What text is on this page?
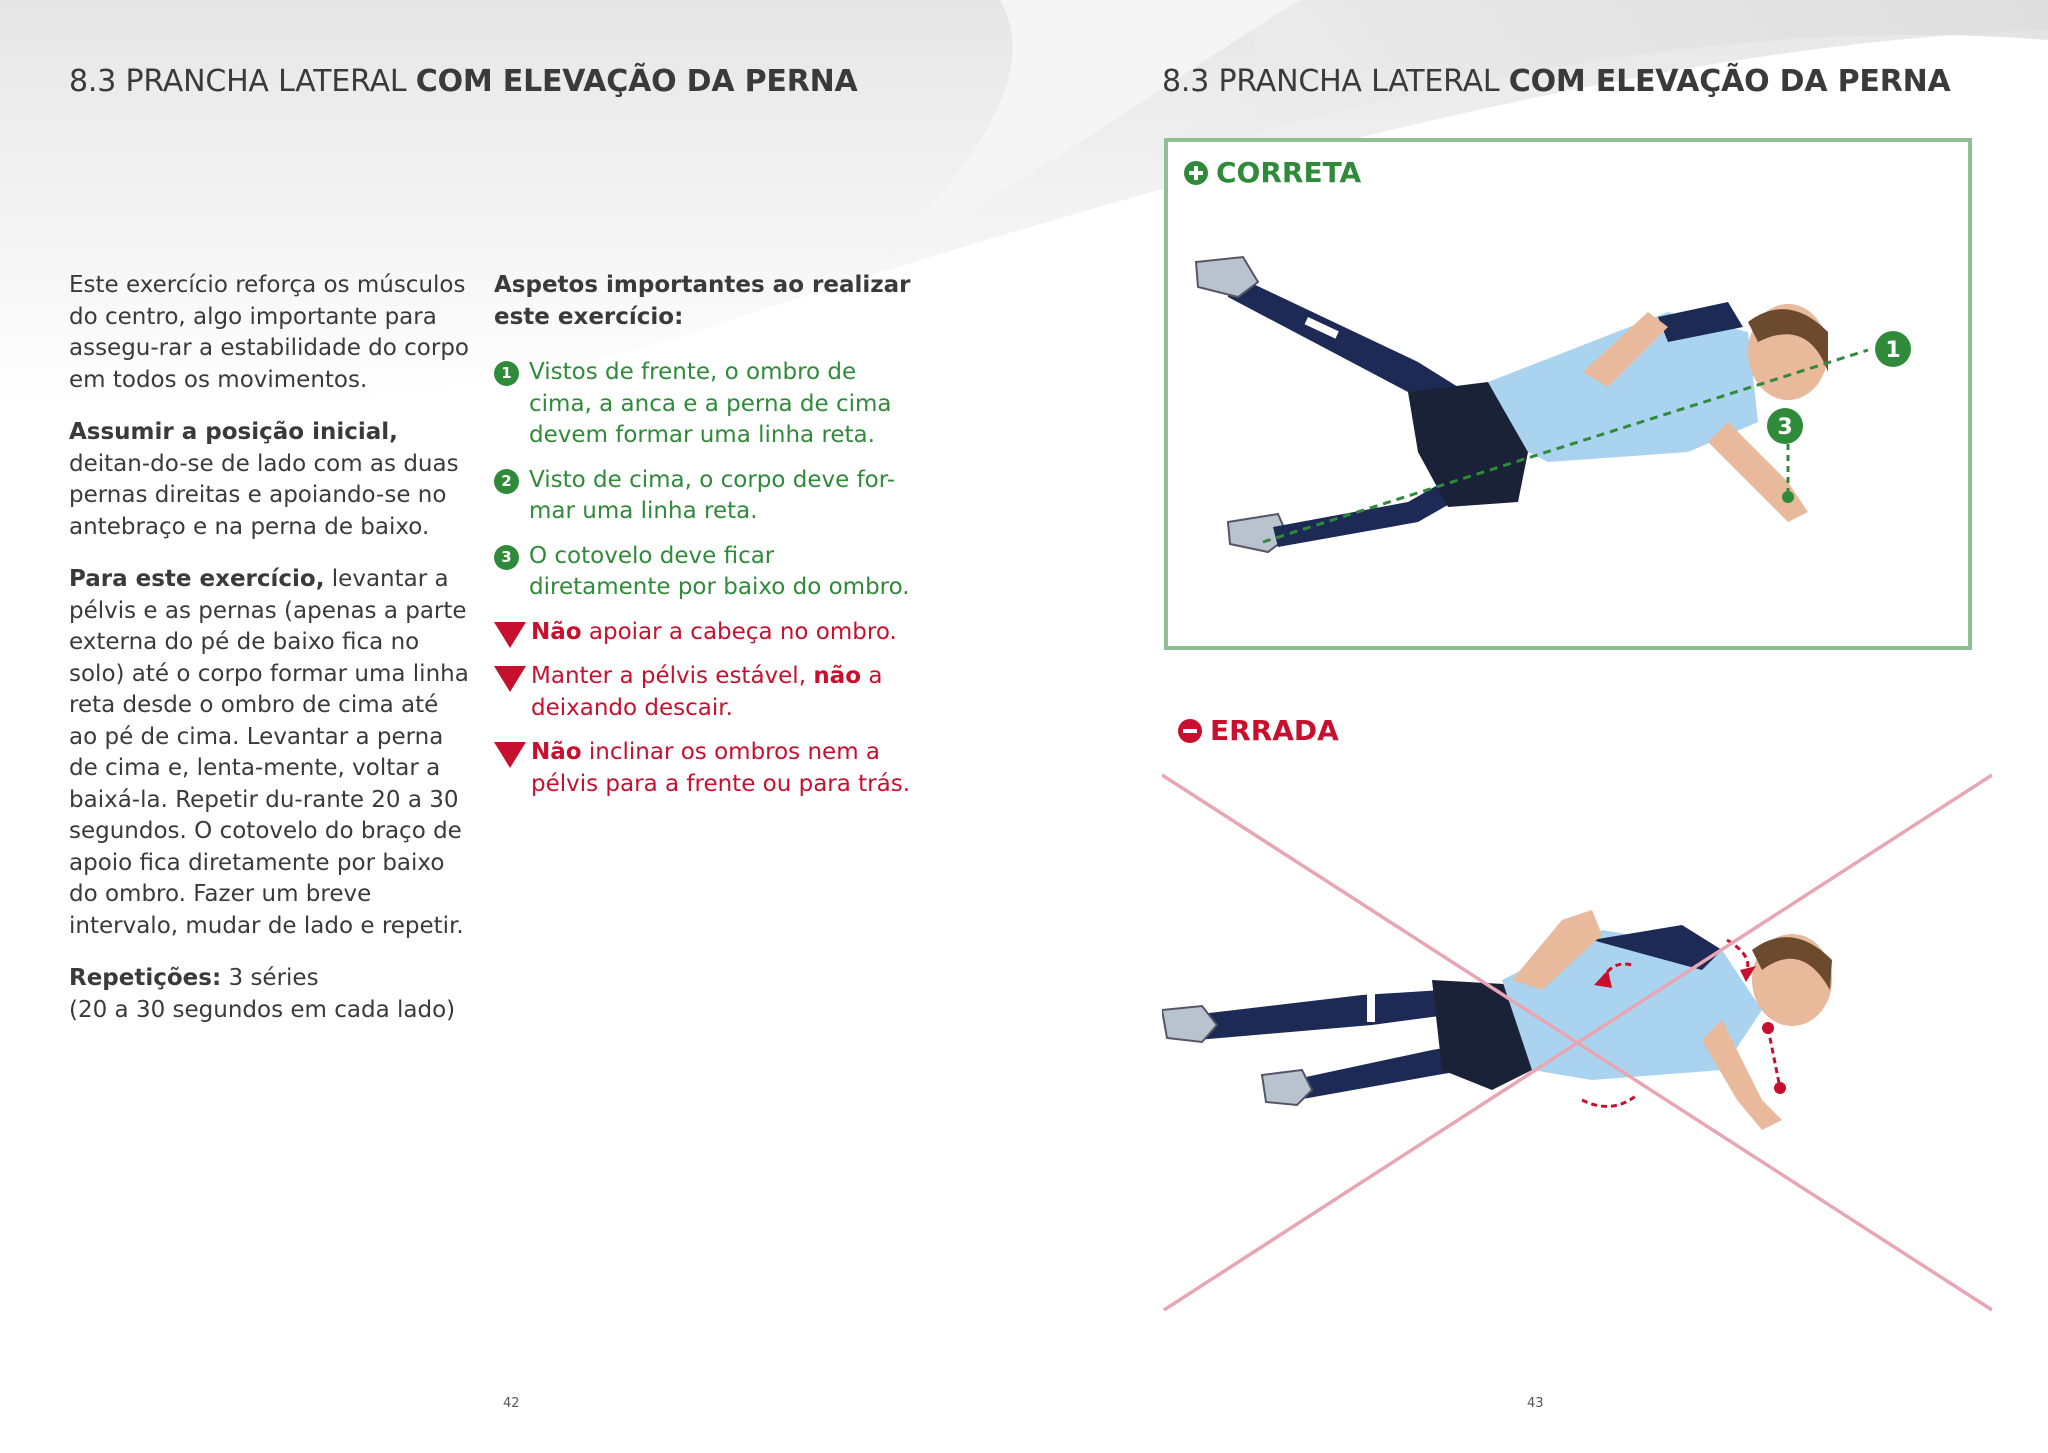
8.3 PRANCHA LATERAL COM ELEVAÇÃO DA PERNA

Este exercício reforça os músculos do centro, algo importante para assegu-rar a estabilidade do corpo em todos os movimentos.

Assumir a posição inicial, deitan-do-se de lado com as duas pernas direitas e apoiando-se no antebraço e na perna de baixo.

Para este exercício, levantar a pélvis e as pernas (apenas a parte externa do pé de baixo fica no solo) até o corpo formar uma linha reta desde o ombro de cima até ao pé de cima. Levantar a perna de cima e, lenta-mente, voltar a baixá-la. Repetir du-rante 20 a 30 segundos. O cotovelo do braço de apoio fica diretamente por baixo do ombro. Fazer um breve intervalo, mudar de lado e repetir.

Repetições: 3 séries
(20 a 30 segundos em cada lado)

Aspetos importantes ao realizar este exercício:

1 Vistos de frente, o ombro de cima, a anca e a perna de cima devem formar uma linha reta.
2 Visto de cima, o corpo deve for-mar uma linha reta.
3 O cotovelo deve ficar diretamente por baixo do ombro.
Não apoiar a cabeça no ombro.
Manter a pélvis estável, não a deixando descair.
Não inclinar os ombros nem a pélvis para a frente ou para trás.
42
8.3 PRANCHA LATERAL COM ELEVAÇÃO DA PERNA
CORRETA
1
3
ERRADA
43
